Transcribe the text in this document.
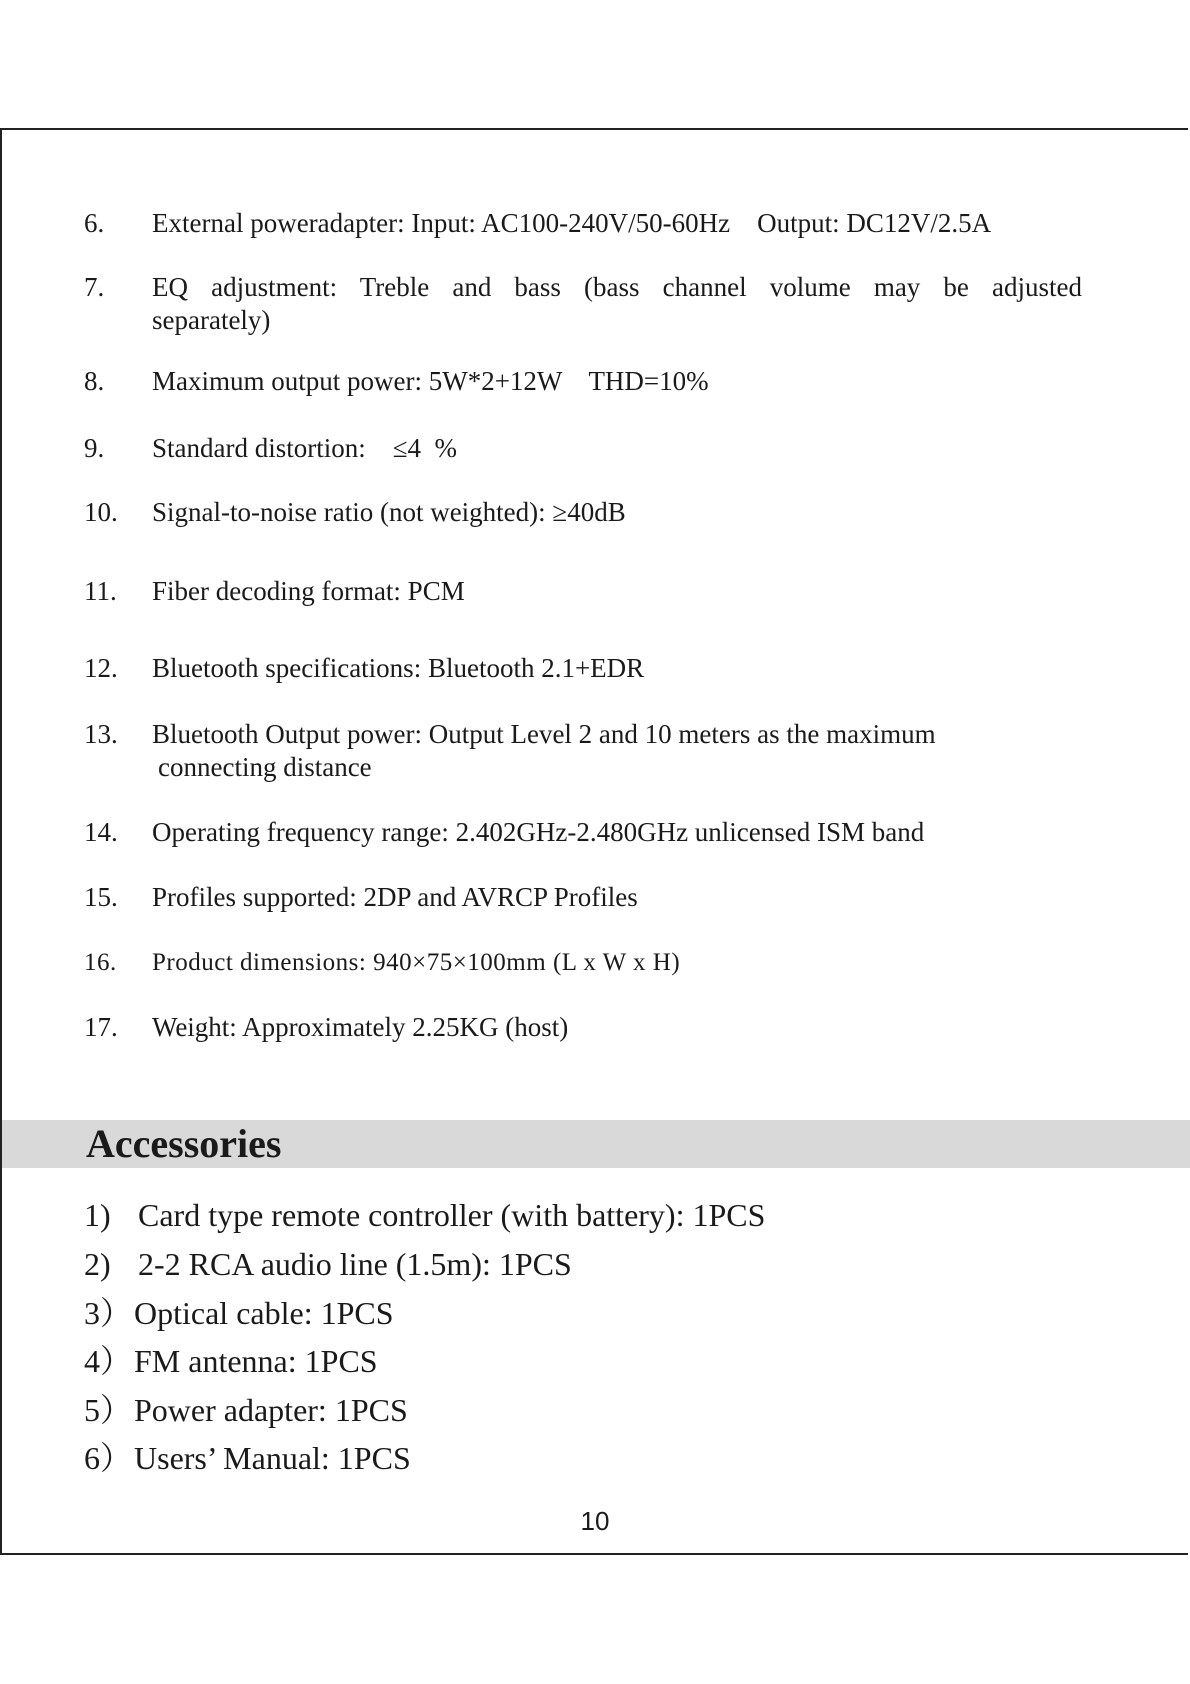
6.	External poweradapter: Input: AC100-240V/50-60Hz    Output: DC12V/2.5A
7.	EQ adjustment: Treble and bass (bass channel volume may be adjusted
separately)
8.	Maximum output power: 5W*2+12W    THD=10%
9.	Standard distortion:    ≤4  %
10.	Signal-to-noise ratio (not weighted): ≥40dB
11.	Fiber decoding format: PCM
12.	Bluetooth specifications: Bluetooth 2.1+EDR
13.	Bluetooth Output power: Output Level 2 and 10 meters as the maximum
connecting distance
14.	Operating frequency range: 2.402GHz-2.480GHz unlicensed ISM band
15.	Profiles supported: 2DP and AVRCP Profiles
16.	Product dimensions: 940×75×100mm (L x W x H)
17.	Weight: Approximately 2.25KG (host)
Accessories
1) Card type remote controller (with battery): 1PCS
2) 2-2 RCA audio line (1.5m): 1PCS
3） Optical cable: 1PCS
4） FM antenna: 1PCS
5） Power adapter: 1PCS
6） Users’ Manual: 1PCS
10
